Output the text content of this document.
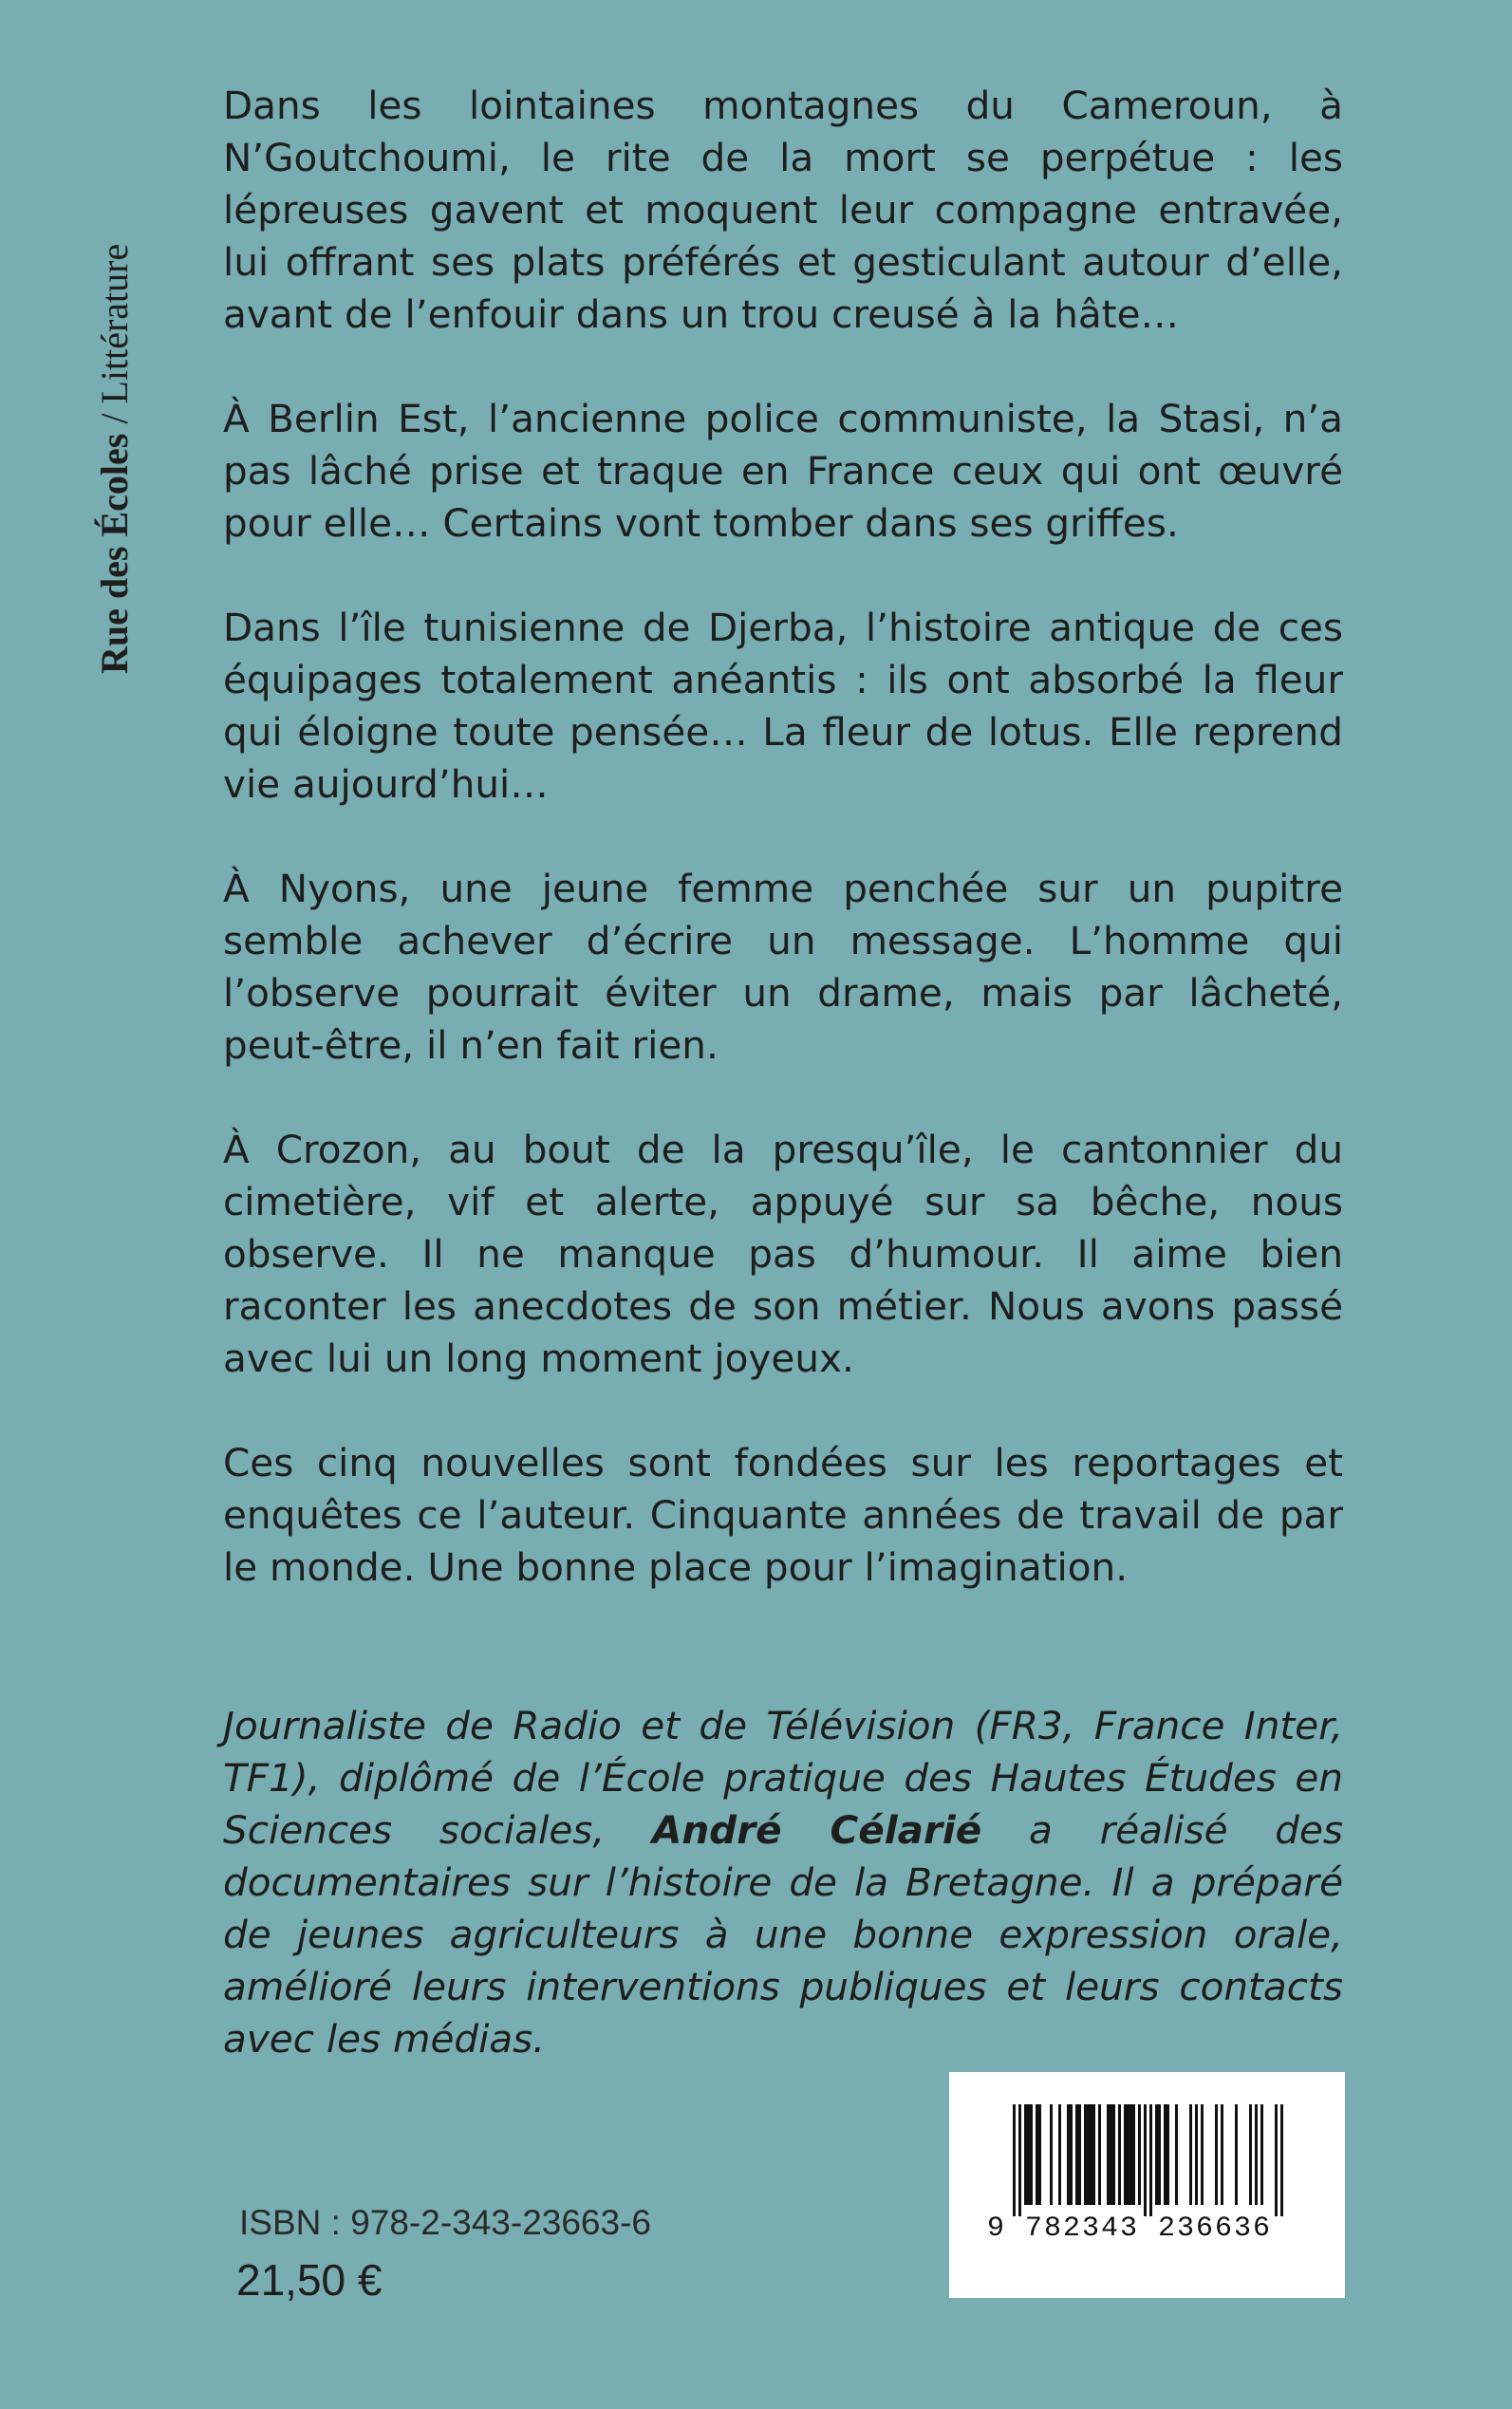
Rue des Écoles / Littérature

Dans les lointaines montagnes du Cameroun, à N’Goutchoumi, le rite de la mort se perpétue : les lépreuses gavent et moquent leur compagne entravée, lui offrant ses plats préférés et gesticulant autour d’elle, avant de l’enfouir dans un trou creusé à la hâte…

À Berlin Est, l’ancienne police communiste, la Stasi, n’a pas lâché prise et traque en France ceux qui ont œuvré pour elle… Certains vont tomber dans ses griffes.

Dans l’île tunisienne de Djerba, l’histoire antique de ces équipages totalement anéantis : ils ont absorbé la fleur qui éloigne toute pensée… La fleur de lotus. Elle reprend vie aujourd’hui…

À Nyons, une jeune femme penchée sur un pupitre semble achever d’écrire un message. L’homme qui l’observe pourrait éviter un drame, mais par lâcheté, peut-être, il n’en fait rien.

À Crozon, au bout de la presqu’île, le cantonnier du cimetière, vif et alerte, appuyé sur sa bêche, nous observe. Il ne manque pas d’humour. Il aime bien raconter les anecdotes de son métier. Nous avons passé avec lui un long moment joyeux.

Ces cinq nouvelles sont fondées sur les reportages et enquêtes ce l’auteur. Cinquante années de travail de par le monde. Une bonne place pour l’imagination.

Journaliste de Radio et de Télévision (FR3, France Inter, TF1), diplômé de l’École pratique des Hautes Études en Sciences sociales, André Célarié a réalisé des documentaires sur l’histoire de la Bretagne. Il a préparé de jeunes agriculteurs à une bonne expression orale, amélioré leurs interventions publiques et leurs contacts avec les médias.
ISBN : 978-2-343-23663-6
21,50 €
9 782343 236636
